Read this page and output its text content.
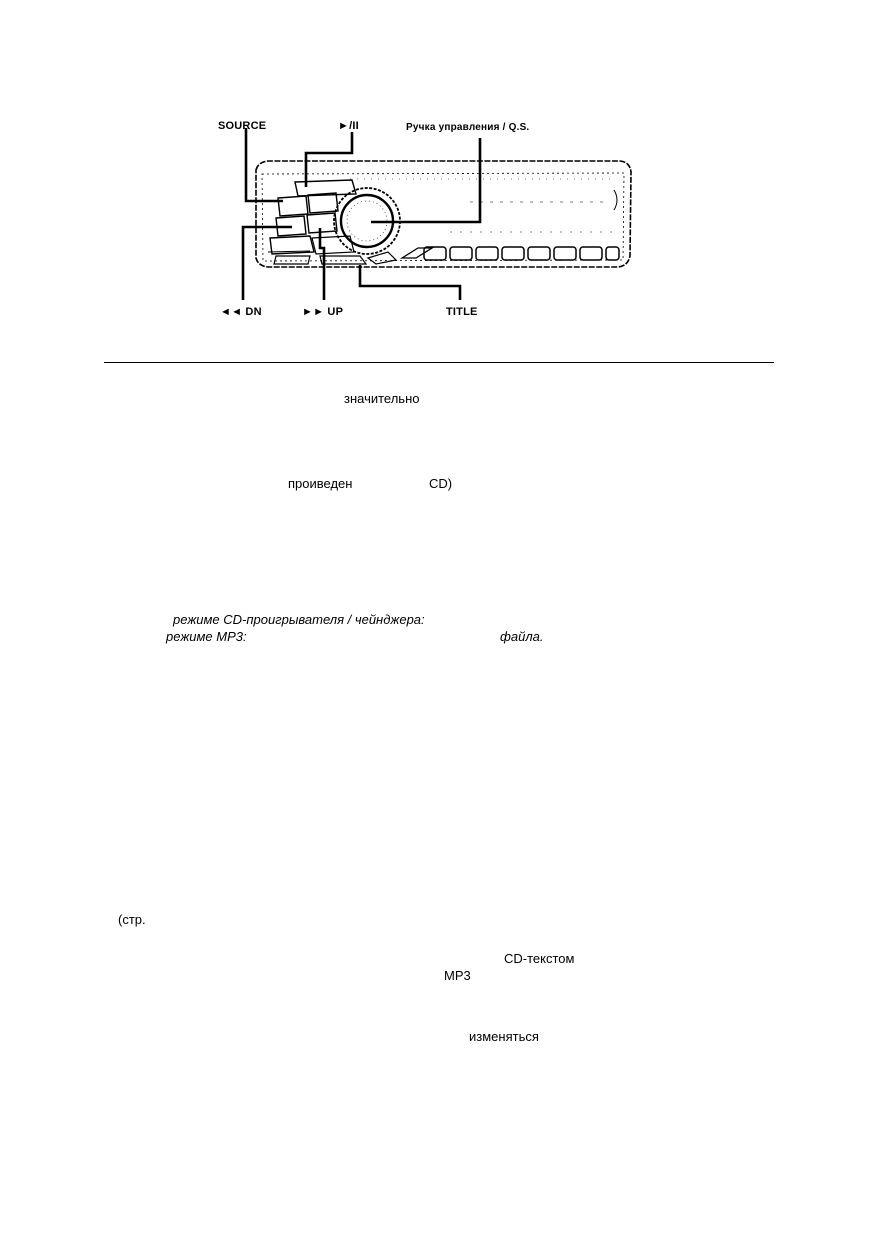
SOURCE	►/II	Ручка управления / Q.S.
◄◄ DN	►► UP	TITLE
значительно
проиведен	CD)
режиме CD-проигрывателя / чейнджера:
режиме MP3:	файла.
(стр.
CD-текстом
MP3
изменяться
